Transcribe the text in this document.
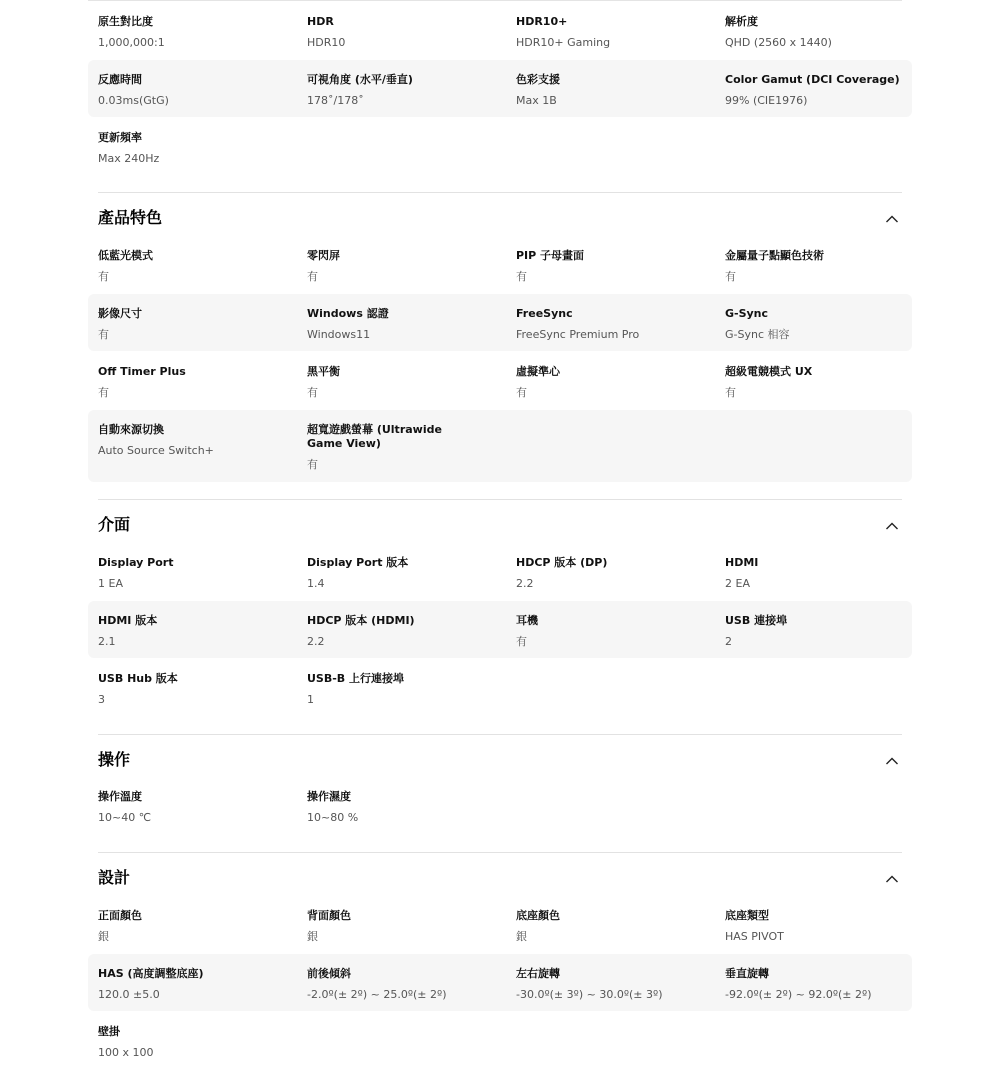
原生對比度
1,000,000:1
HDR
HDR10
HDR10+
HDR10+ Gaming
解析度
QHD (2560 x 1440)
反應時間
0.03ms(GtG)
可視角度 (水平/垂直)
178˚/178˚
色彩支援
Max 1B
Color Gamut (DCI Coverage)
99% (CIE1976)
更新頻率
Max 240Hz
產品特色
低藍光模式
有
零閃屏
有
PIP 子母畫面
有
金屬量子點顯色技術
有
影像尺寸
有
Windows 認證
Windows11
FreeSync
FreeSync Premium Pro
G-Sync
G-Sync 相容
Off Timer Plus
有
黑平衡
有
虛擬準心
有
超級電競模式 UX
有
自動來源切換
Auto Source Switch+
超寬遊戲螢幕 (Ultrawide Game View)
有
介面
Display Port
1 EA
Display Port 版本
1.4
HDCP 版本 (DP)
2.2
HDMI
2 EA
HDMI 版本
2.1
HDCP 版本 (HDMI)
2.2
耳機
有
USB 連接埠
2
USB Hub 版本
3
USB-B 上行連接埠
1
操作
操作溫度
10~40 ℃
操作濕度
10~80 %
設計
正面顏色
銀
背面顏色
銀
底座顏色
銀
底座類型
HAS PIVOT
HAS (高度調整底座)
120.0 ±5.0
前後傾斜
-2.0º(± 2º) ~ 25.0º(± 2º)
左右旋轉
-30.0º(± 3º) ~ 30.0º(± 3º)
垂直旋轉
-92.0º(± 2º) ~ 92.0º(± 2º)
壁掛
100 x 100
